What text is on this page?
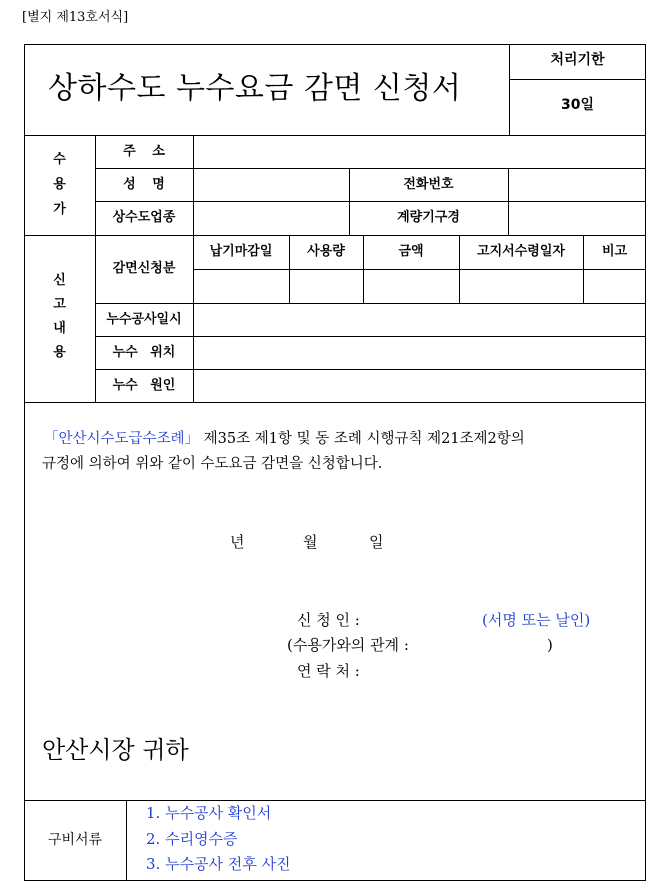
[별지 제13호서식]
상하수도 누수요금 감면 신청서
처리기한
30일
수
용
가
주 소
성 명	전화번호
상수도업종	계량기구경
신
고
내
용
감면신청분
납기마감일	사용량	금액	고지서수령일자	비고
누수공사일시
누수 위치
누수 원인
「안산시수도급수조례」 제35조 제1항 및 동 조례 시행규칙 제21조제2항의
규정에 의하여 위와 같이 수도요금 감면을 신청합니다.
년	월	일
신 청 인 :	(서명 또는 날인)
(수용가와의 관계 :	)
연 락 처 :
안산시장 귀하
구비서류
1. 누수공사 확인서
2. 수리영수증
3. 누수공사 전후 사진
